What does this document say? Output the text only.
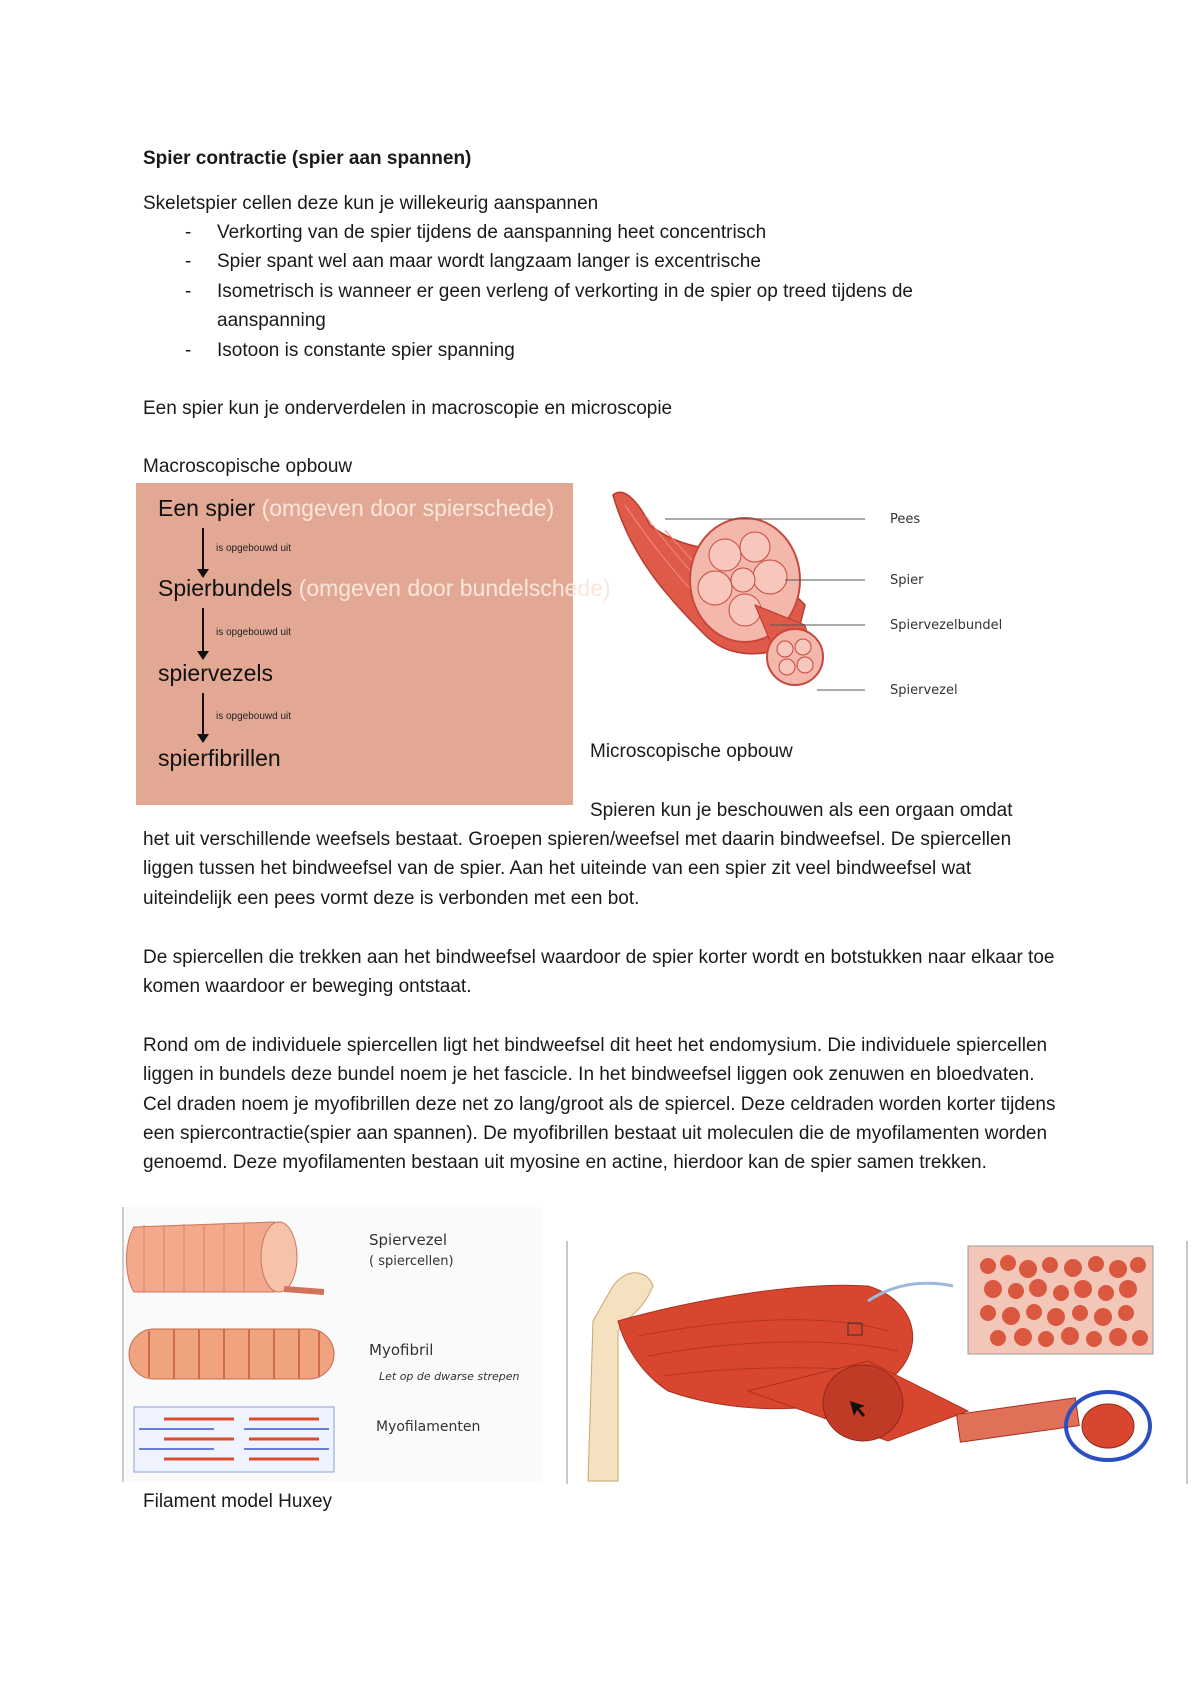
Spier contractie (spier aan spannen)
Skeletspier cellen deze kun je willekeurig aanspannen
- Verkorting van de spier tijdens de aanspanning heet concentrisch
- Spier spant wel aan maar wordt langzaam langer is excentrische
- Isometrisch is wanneer er geen verleng of verkorting in de spier op treed tijdens de
aanspanning
- Isotoon is constante spier spanning
Een spier kun je onderverdelen in macroscopie en microscopie
Macroscopische opbouw
Een spier (omgeven door spierschede)
is opgebouwd uit
Spierbundels (omgeven door bundelschede)
is opgebouwd uit
spiervezels
is opgebouwd uit
spierfibrillen
Pees
Spier
Spiervezelbundel
Spiervezel
Microscopische opbouw
Spieren kun je beschouwen als een orgaan omdat
het uit verschillende weefsels bestaat. Groepen spieren/weefsel met daarin bindweefsel. De spiercellen liggen tussen het bindweefsel van de spier. Aan het uiteinde van een spier zit veel bindweefsel wat uiteindelijk een pees vormt deze is verbonden met een bot.
De spiercellen die trekken aan het bindweefsel waardoor de spier korter wordt en botstukken naar elkaar toe komen waardoor er beweging ontstaat.
Rond om de individuele spiercellen ligt het bindweefsel dit heet het endomysium. Die individuele spiercellen liggen in bundels deze bundel noem je het fascicle. In het bindweefsel liggen ook zenuwen en bloedvaten. Cel draden noem je myofibrillen deze net zo lang/groot als de spiercel. Deze celdraden worden korter tijdens een spiercontractie(spier aan spannen). De myofibrillen bestaat uit moleculen die de myofilamenten worden genoemd. Deze myofilamenten bestaan uit myosine en actine, hierdoor kan de spier samen trekken.
Spiervezel
( spiercellen)
Myofibril
Let op de dwarse strepen
Myofilamenten
Filament model Huxey
